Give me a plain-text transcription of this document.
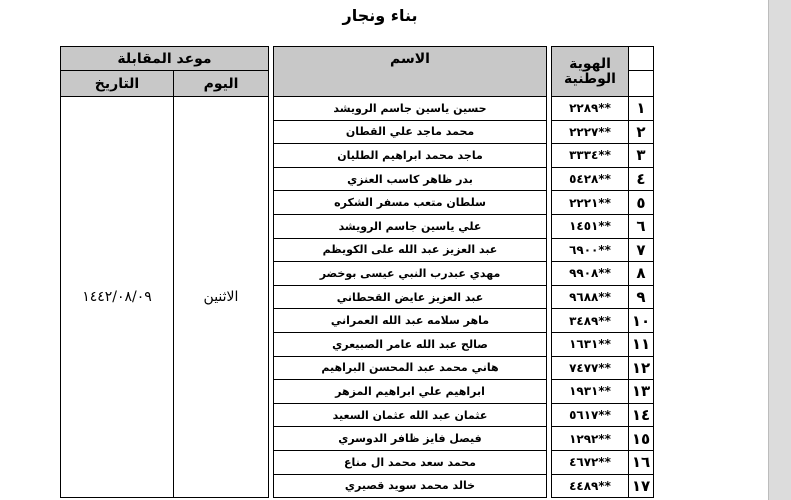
بناء ونجار
	الهوية الوطنية		الاسم		موعد المقابلة	
					اليوم	التاريخ
١	**٢٢٨٩		حسين ياسين جاسم الرويشد		الاثنين	١٤٤٢/٠٨/٠٩
٢	**٢٢٢٧		محمد ماجد علي القطان			
٣	**٣٣٣٤		ماجد محمد ابراهيم الطليان			
٤	**٥٤٢٨		بدر ظاهر كاسب العنزي			
٥	**٢٢٢١		سلطان متعب مسفر الشكره			
٦	**١٤٥١		علي ياسين جاسم الرويشد			
٧	**٦٩٠٠		عبد العزيز عبد الله على الكويظم			
٨	**٩٩٠٨		مهدي عبدرب النبي عيسى بوخضر			
٩	**٩٦٨٨		عبد العزيز عايض القحطاني			
١٠	**٣٤٨٩		ماهر سلامه عبد الله العمراني			
١١	**١٦٣١		صالح عبد الله عامر الصبيعري			
١٢	**٧٤٧٧		هاني محمد عبد المحسن البراهيم			
١٣	**١٩٣١		ابراهيم علي ابراهيم المزهر			
١٤	**٥٦١٧		عثمان عبد الله عثمان السعيد			
١٥	**١٢٩٢		فيصل فايز ظافر الدوسري			
١٦	**٤٦٧٢		محمد سعد محمد ال مناع			
١٧	**٤٤٨٩		خالد محمد سويد قصيري			
